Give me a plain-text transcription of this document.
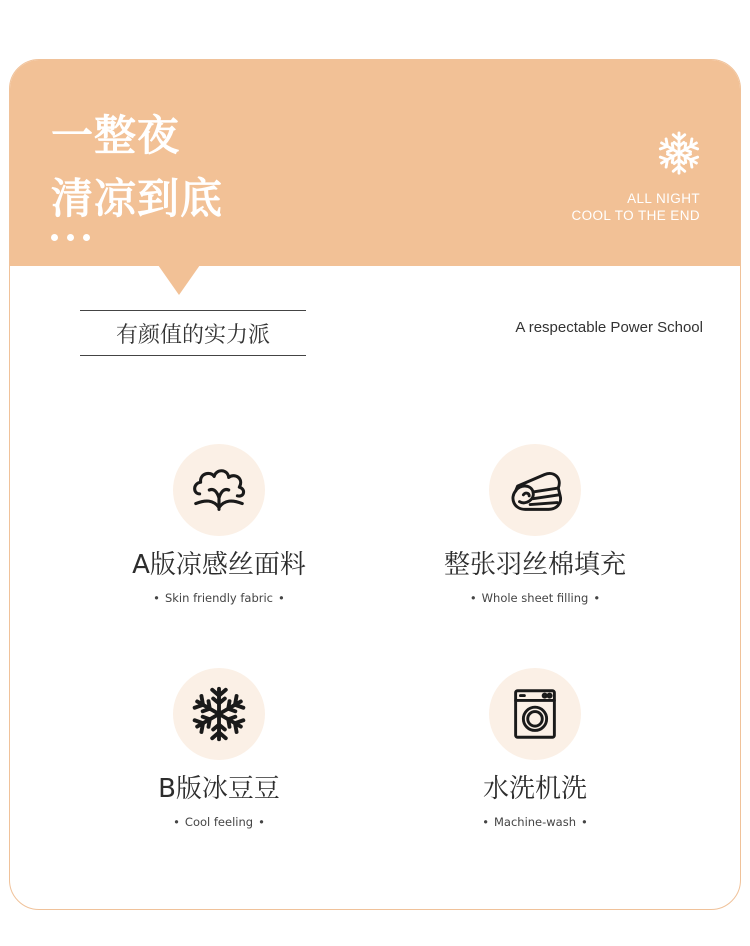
一整夜
清凉到底	ALL NIGHT
COOL TO THE END
有颜值的实力派	A respectable Power School
A版凉感丝面料
• Skin friendly fabric •
整张羽丝棉填充
• Whole sheet filling •
B版冰豆豆
• Cool feeling •
水洗机洗
• Machine-wash •
